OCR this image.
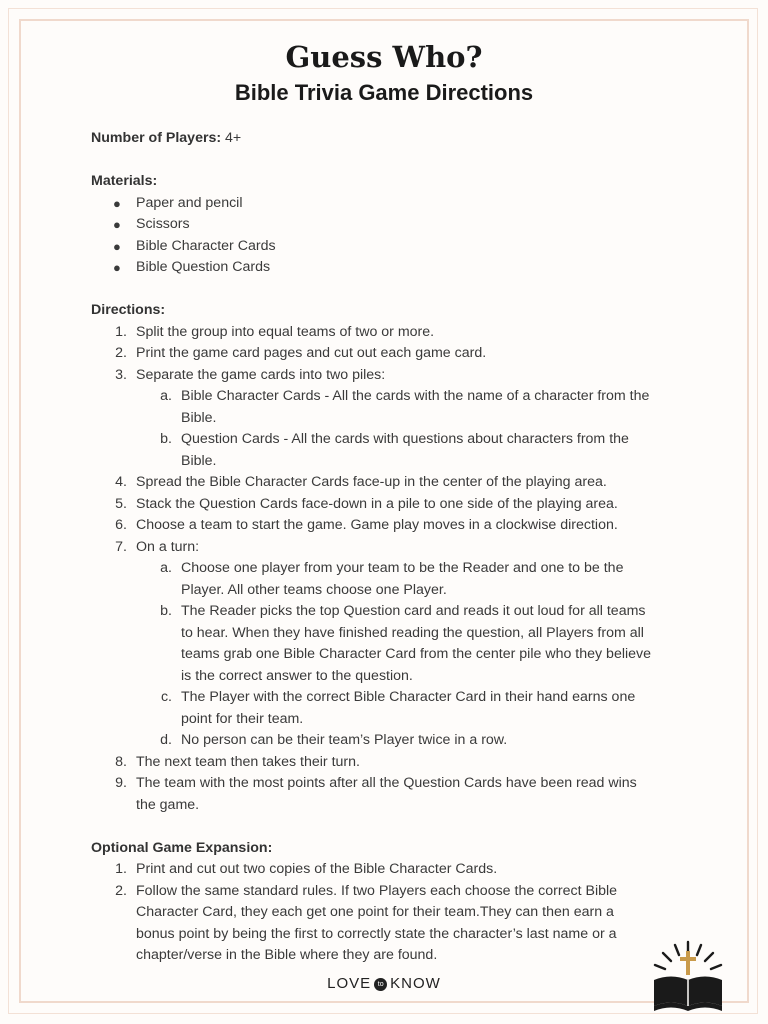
Guess Who?
Bible Trivia Game Directions

Number of Players: 4+

Materials:

● Paper and pencil
● Scissors
● Bible Character Cards
● Bible Question Cards

Directions:

1. Split the group into equal teams of two or more.
2. Print the game card pages and cut out each game card.
3. Separate the game cards into two piles:
a. Bible Character Cards - All the cards with the name of a character from the
Bible.
b. Question Cards - All the cards with questions about characters from the
Bible.
4. Spread the Bible Character Cards face-up in the center of the playing area.
5. Stack the Question Cards face-down in a pile to one side of the playing area.
6. Choose a team to start the game. Game play moves in a clockwise direction.
7. On a turn:
a. Choose one player from your team to be the Reader and one to be the
Player. All other teams choose one Player.
b. The Reader picks the top Question card and reads it out loud for all teams
to hear. When they have finished reading the question, all Players from all
teams grab one Bible Character Card from the center pile who they believe
is the correct answer to the question.
c. The Player with the correct Bible Character Card in their hand earns one
point for their team.
d. No person can be their team’s Player twice in a row.
8. The next team then takes their turn.
9. The team with the most points after all the Question Cards have been read wins
the game.

Optional Game Expansion:

1. Print and cut out two copies of the Bible Character Cards.
2. Follow the same standard rules. If two Players each choose the correct Bible
Character Card, they each get one point for their team.They can then earn a
bonus point by being the first to correctly state the character’s last name or a
chapter/verse in the Bible where they are found.
LOVE to KNOW
